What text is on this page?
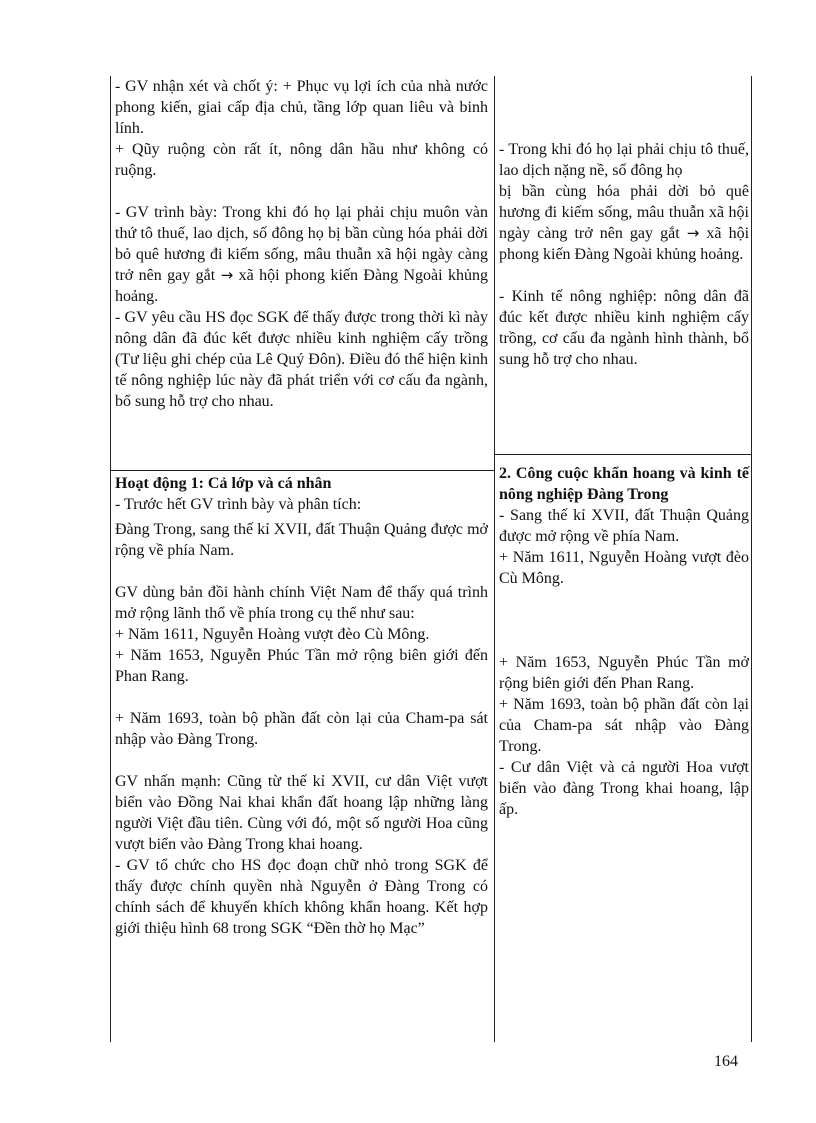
- GV nhận xét và chốt ý: + Phục vụ lợi ích của nhà nước phong kiến, giai cấp địa chủ, tầng lớp quan liêu và binh lính.

+ Qũy ruộng còn rất ít, nông dân hầu như không có ruộng.

- GV trình bày: Trong khi đó họ lại phải chịu muôn vàn thứ tô thuế, lao dịch, số đông họ bị bần cùng hóa phải dời bỏ quê hương đi kiếm sống, mâu thuẫn xã hội ngày càng trở nên gay gắt → xã hội phong kiến Đàng Ngoài khủng hoảng.

- GV yêu cầu HS đọc SGK để thấy được trong thời kì này nông dân đã đúc kết được nhiều kinh nghiệm cấy trồng (Tư liệu ghi chép của Lê Quý Đôn). Điều đó thể hiện kinh tế nông nghiệp lúc này đã phát triển với cơ cấu đa ngành, bổ sung hỗ trợ cho nhau.

Hoạt động 1: Cả lớp và cá nhân

- Trước hết GV trình bày và phân tích:

Đàng Trong, sang thế kỉ XVII, đất Thuận Quảng được mở rộng về phía Nam.

GV dùng bản đồi hành chính Việt Nam để thấy quá trình mở rộng lãnh thổ về phía trong cụ thể như sau:

+ Năm 1611, Nguyễn Hoàng vượt đèo Cù Mông.

+ Năm 1653, Nguyễn Phúc Tần mở rộng biên giới đến Phan Rang.

+ Năm 1693, toàn bộ phần đất còn lại của Cham-pa sát nhập vào Đàng Trong.

GV nhấn mạnh: Cũng từ thế kỉ XVII, cư dân Việt vượt biển vào Đồng Nai khai khẩn đất hoang lập những làng người Việt đầu tiên. Cùng với đó, một số người Hoa cũng vượt biển vào Đàng Trong khai hoang.

- GV tổ chức cho HS đọc đoạn chữ nhỏ trong SGK để thấy được chính quyền nhà Nguyễn ở Đàng Trong có chính sách để khuyến khích không khẩn hoang. Kết hợp giới thiệu hình 68 trong SGK “Đền thờ họ Mạc”

- Trong khi đó họ lại phải chịu tô thuế, lao dịch nặng nề, số đông họ

bị bần cùng hóa phải dời bỏ quê hương đi kiếm sống, mâu thuẫn xã hội ngày càng trở nên gay gắt → xã hội phong kiến Đàng Ngoài khủng hoảng.

- Kinh tế nông nghiệp: nông dân đã đúc kết được nhiều kinh nghiệm cấy trồng, cơ cấu đa ngành hình thành, bổ sung hỗ trợ cho nhau.

2. Công cuộc khẩn hoang và kinh tế nông nghiệp Đàng Trong

- Sang thế kỉ XVII, đất Thuận Quảng được mở rộng về phía Nam.

+ Năm 1611, Nguyễn Hoàng vượt đèo Cù Mông.

+ Năm 1653, Nguyễn Phúc Tần mở rộng biên giới đến Phan Rang.

+ Năm 1693, toàn bộ phần đất còn lại của Cham-pa sát nhập vào Đàng Trong.

- Cư dân Việt và cả người Hoa vượt biển vào đàng Trong khai hoang, lập ấp.

164
